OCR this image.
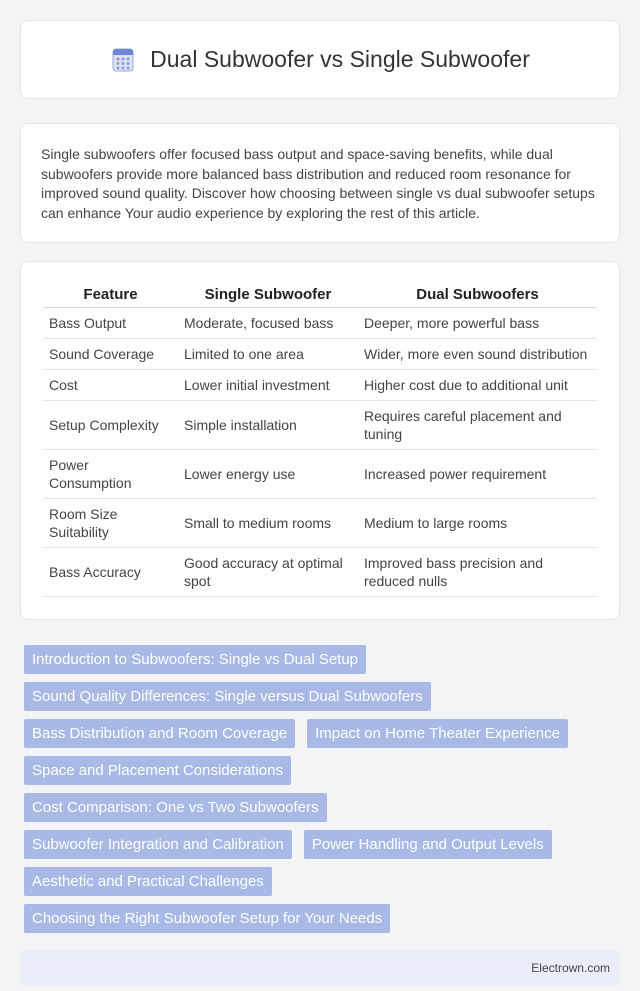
Dual Subwoofer vs Single Subwoofer

Single subwoofers offer focused bass output and space-saving benefits, while dual subwoofers provide more balanced bass distribution and reduced room resonance for improved sound quality. Discover how choosing between single vs dual subwoofer setups can enhance Your audio experience by exploring the rest of this article.

Feature	Single Subwoofer	Dual Subwoofers
Bass Output	Moderate, focused bass	Deeper, more powerful bass
Sound Coverage	Limited to one area	Wider, more even sound distribution
Cost	Lower initial investment	Higher cost due to additional unit
Setup Complexity	Simple installation	Requires careful placement and tuning
Power Consumption	Lower energy use	Increased power requirement
Room Size Suitability	Small to medium rooms	Medium to large rooms
Bass Accuracy	Good accuracy at optimal spot	Improved bass precision and reduced nulls
Introduction to Subwoofers: Single vs Dual Setup
Sound Quality Differences: Single versus Dual Subwoofers
Bass Distribution and Room Coverage	Impact on Home Theater Experience
Space and Placement Considerations
Cost Comparison: One vs Two Subwoofers
Subwoofer Integration and Calibration	Power Handling and Output Levels
Aesthetic and Practical Challenges
Choosing the Right Subwoofer Setup for Your Needs
Electrown.com
